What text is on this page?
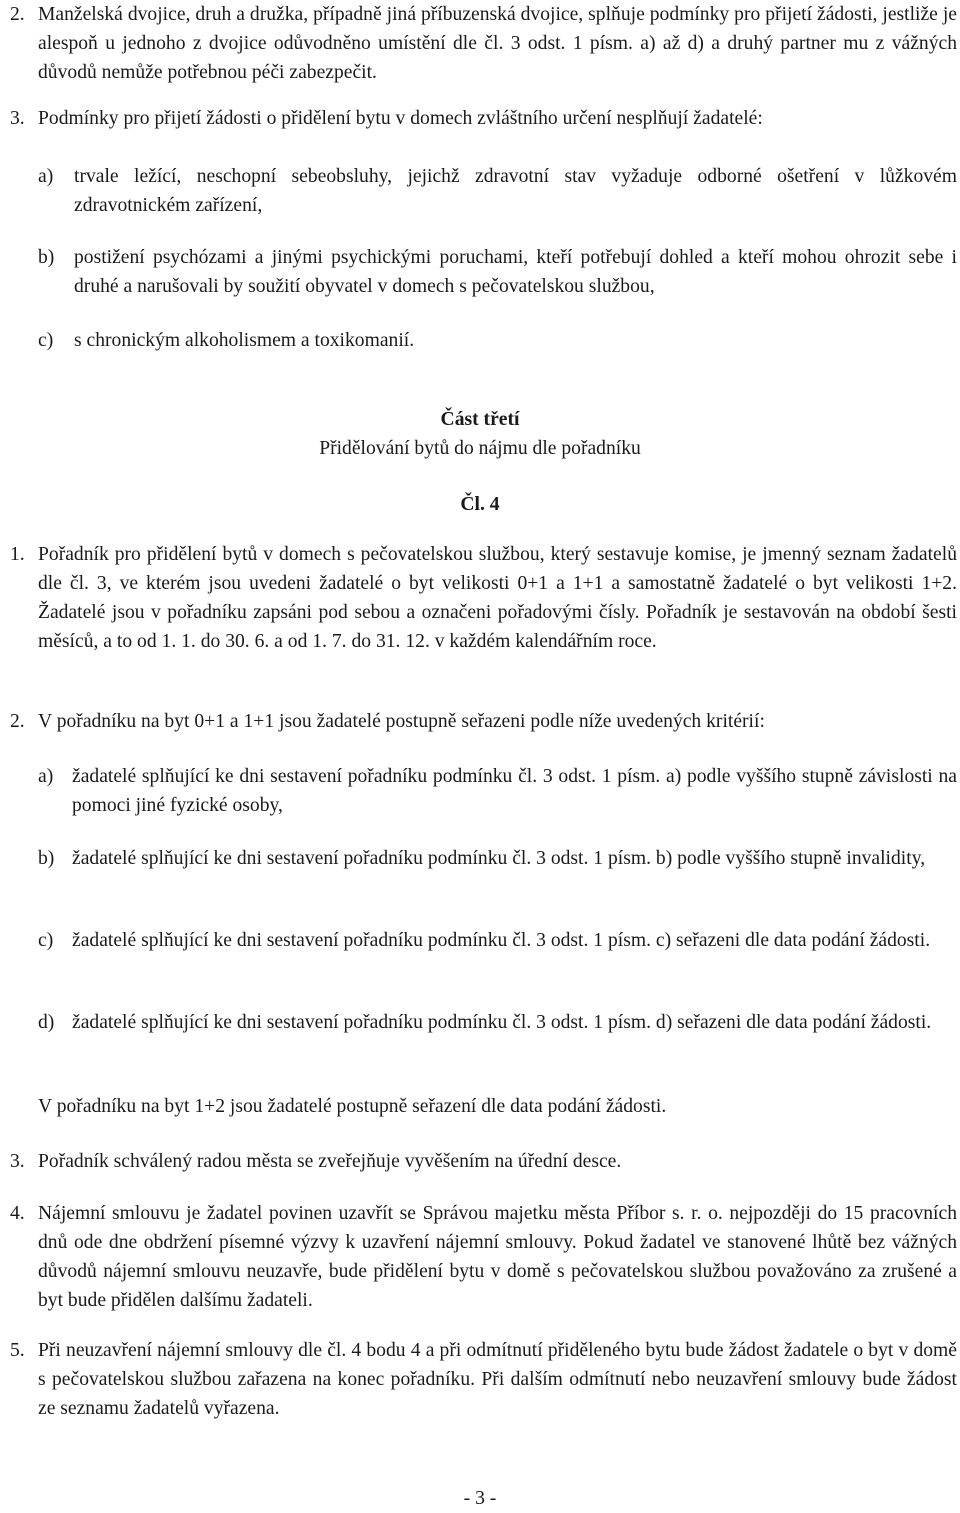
2. Manželská dvojice, druh a družka, případně jiná příbuzenská dvojice, splňuje podmínky pro přijetí žádosti, jestliže je alespoň u jednoho z dvojice odůvodněno umístění dle čl. 3 odst. 1 písm. a) až d) a druhý partner mu z vážných důvodů nemůže potřebnou péči zabezpečit.
3. Podmínky pro přijetí žádosti o přidělení bytu v domech zvláštního určení nesplňují žadatelé:
a)	trvale ležící, neschopní sebeobsluhy, jejichž zdravotní stav vyžaduje odborné ošetření v lůžkovém zdravotnickém zařízení,
b)	postižení psychózami a jinými psychickými poruchami, kteří potřebují dohled a kteří mohou ohrozit sebe i druhé a narušovali by soužití obyvatel v domech s pečovatelskou službou,
c)	s chronickým alkoholismem a toxikomanií.
Část třetí
Přidělování bytů do nájmu dle pořadníku
Čl. 4
1. Pořadník pro přidělení bytů v domech s pečovatelskou službou, který sestavuje komise, je jmenný seznam žadatelů dle čl. 3, ve kterém jsou uvedeni žadatelé o byt velikosti 0+1 a 1+1 a samostatně žadatelé o byt velikosti 1+2. Žadatelé jsou v pořadníku zapsáni pod sebou a označeni pořadovými čísly. Pořadník je sestavován na období šesti měsíců, a to od 1. 1. do 30. 6. a od 1. 7. do 31. 12. v každém kalendářním roce.
2. V pořadníku na byt 0+1 a 1+1 jsou žadatelé postupně seřazeni podle níže uvedených kritérií:
a) žadatelé splňující ke dni sestavení pořadníku podmínku čl. 3 odst. 1 písm. a) podle vyššího stupně závislosti na pomoci jiné fyzické osoby,
b) žadatelé splňující ke dni sestavení pořadníku podmínku čl. 3 odst. 1 písm. b) podle vyššího stupně invalidity,
c) žadatelé splňující ke dni sestavení pořadníku podmínku čl. 3 odst. 1 písm. c) seřazeni dle data podání žádosti.
d) žadatelé splňující ke dni sestavení pořadníku podmínku čl. 3 odst. 1 písm. d) seřazeni dle data podání žádosti.
V pořadníku na byt 1+2 jsou žadatelé postupně seřazení dle data podání žádosti.
3. Pořadník schválený radou města se zveřejňuje vyvěšením na úřední desce.
4. Nájemní smlouvu je žadatel povinen uzavřít se Správou majetku města Příbor s. r. o. nejpozději do 15 pracovních dnů ode dne obdržení písemné výzvy k uzavření nájemní smlouvy. Pokud žadatel ve stanovené lhůtě bez vážných důvodů nájemní smlouvu neuzavře, bude přidělení bytu v domě s pečovatelskou službou považováno za zrušené a byt bude přidělen dalšímu žadateli.
5. Při neuzavření nájemní smlouvy dle čl. 4 bodu 4 a při odmítnutí přiděleného bytu bude žádost žadatele o byt v domě s pečovatelskou službou zařazena na konec pořadníku. Při dalším odmítnutí nebo neuzavření smlouvy bude žádost ze seznamu žadatelů vyřazena.
- 3 -
